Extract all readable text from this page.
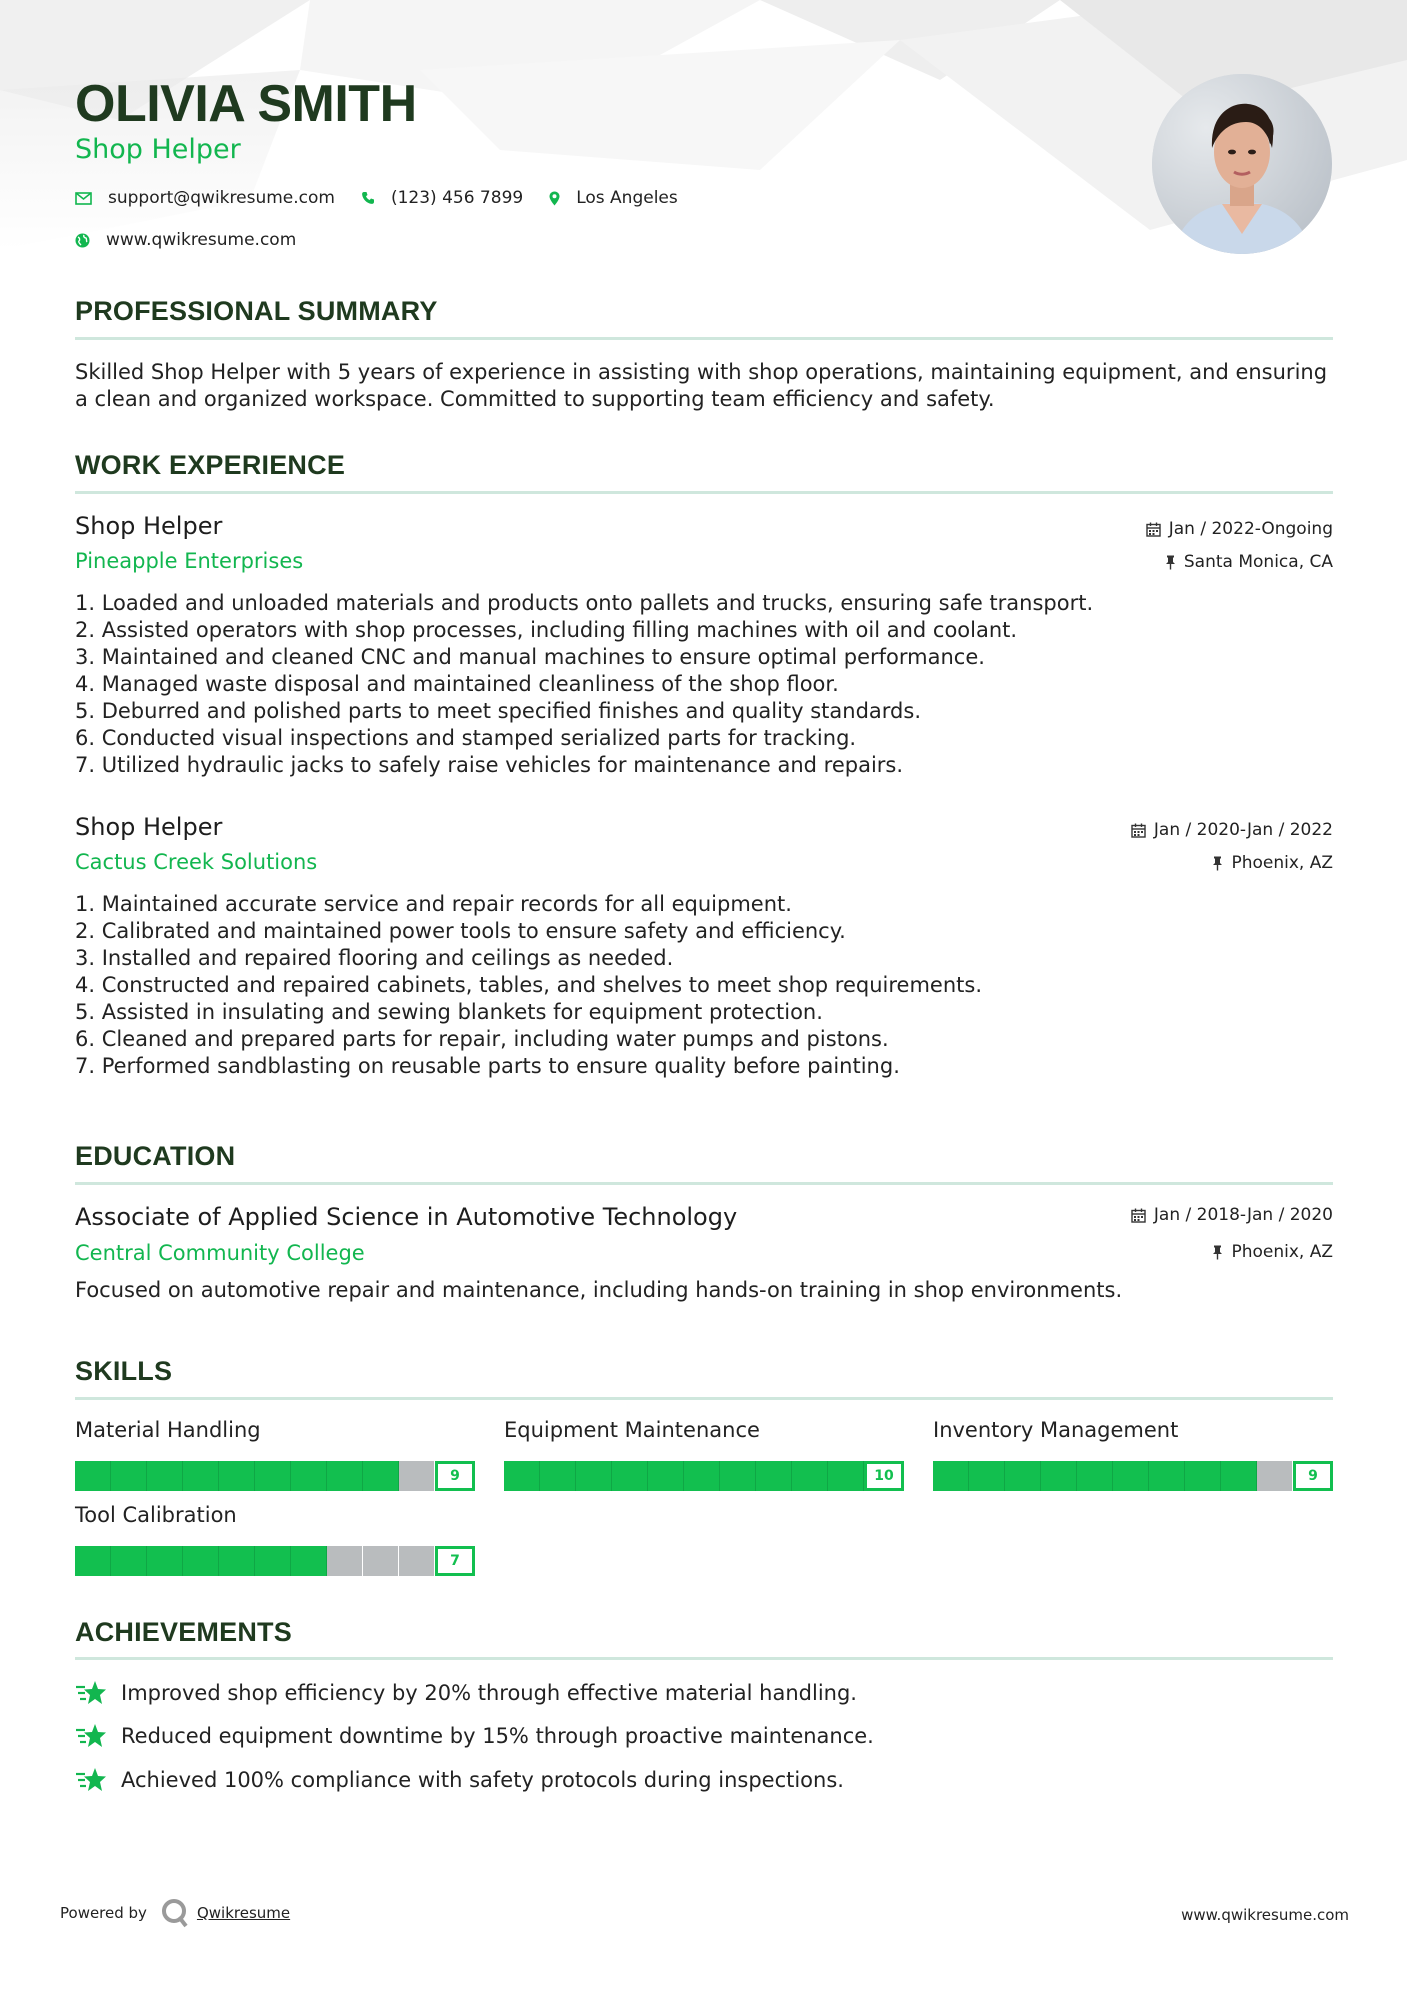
OLIVIA SMITH
Shop Helper
support@qwikresume.com	(123) 456 7899	Los Angeles
www.qwikresume.com
PROFESSIONAL SUMMARY
Skilled Shop Helper with 5 years of experience in assisting with shop operations, maintaining equipment, and ensuring a clean and organized workspace. Committed to supporting team efficiency and safety.
WORK EXPERIENCE
Shop Helper	Jan / 2022-Ongoing
Pineapple Enterprises	Santa Monica, CA
1. Loaded and unloaded materials and products onto pallets and trucks, ensuring safe transport.
2. Assisted operators with shop processes, including filling machines with oil and coolant.
3. Maintained and cleaned CNC and manual machines to ensure optimal performance.
4. Managed waste disposal and maintained cleanliness of the shop floor.
5. Deburred and polished parts to meet specified finishes and quality standards.
6. Conducted visual inspections and stamped serialized parts for tracking.
7. Utilized hydraulic jacks to safely raise vehicles for maintenance and repairs.
Shop Helper	Jan / 2020-Jan / 2022
Cactus Creek Solutions	Phoenix, AZ
1. Maintained accurate service and repair records for all equipment.
2. Calibrated and maintained power tools to ensure safety and efficiency.
3. Installed and repaired flooring and ceilings as needed.
4. Constructed and repaired cabinets, tables, and shelves to meet shop requirements.
5. Assisted in insulating and sewing blankets for equipment protection.
6. Cleaned and prepared parts for repair, including water pumps and pistons.
7. Performed sandblasting on reusable parts to ensure quality before painting.
EDUCATION
Associate of Applied Science in Automotive Technology	Jan / 2018-Jan / 2020
Central Community College	Phoenix, AZ
Focused on automotive repair and maintenance, including hands-on training in shop environments.
SKILLS
Material Handling
9
Equipment Maintenance
10
Inventory Management
9
Tool Calibration
7
ACHIEVEMENTS
Improved shop efficiency by 20% through effective material handling.
Reduced equipment downtime by 15% through proactive maintenance.
Achieved 100% compliance with safety protocols during inspections.
Powered by	Qwikresume	www.qwikresume.com
